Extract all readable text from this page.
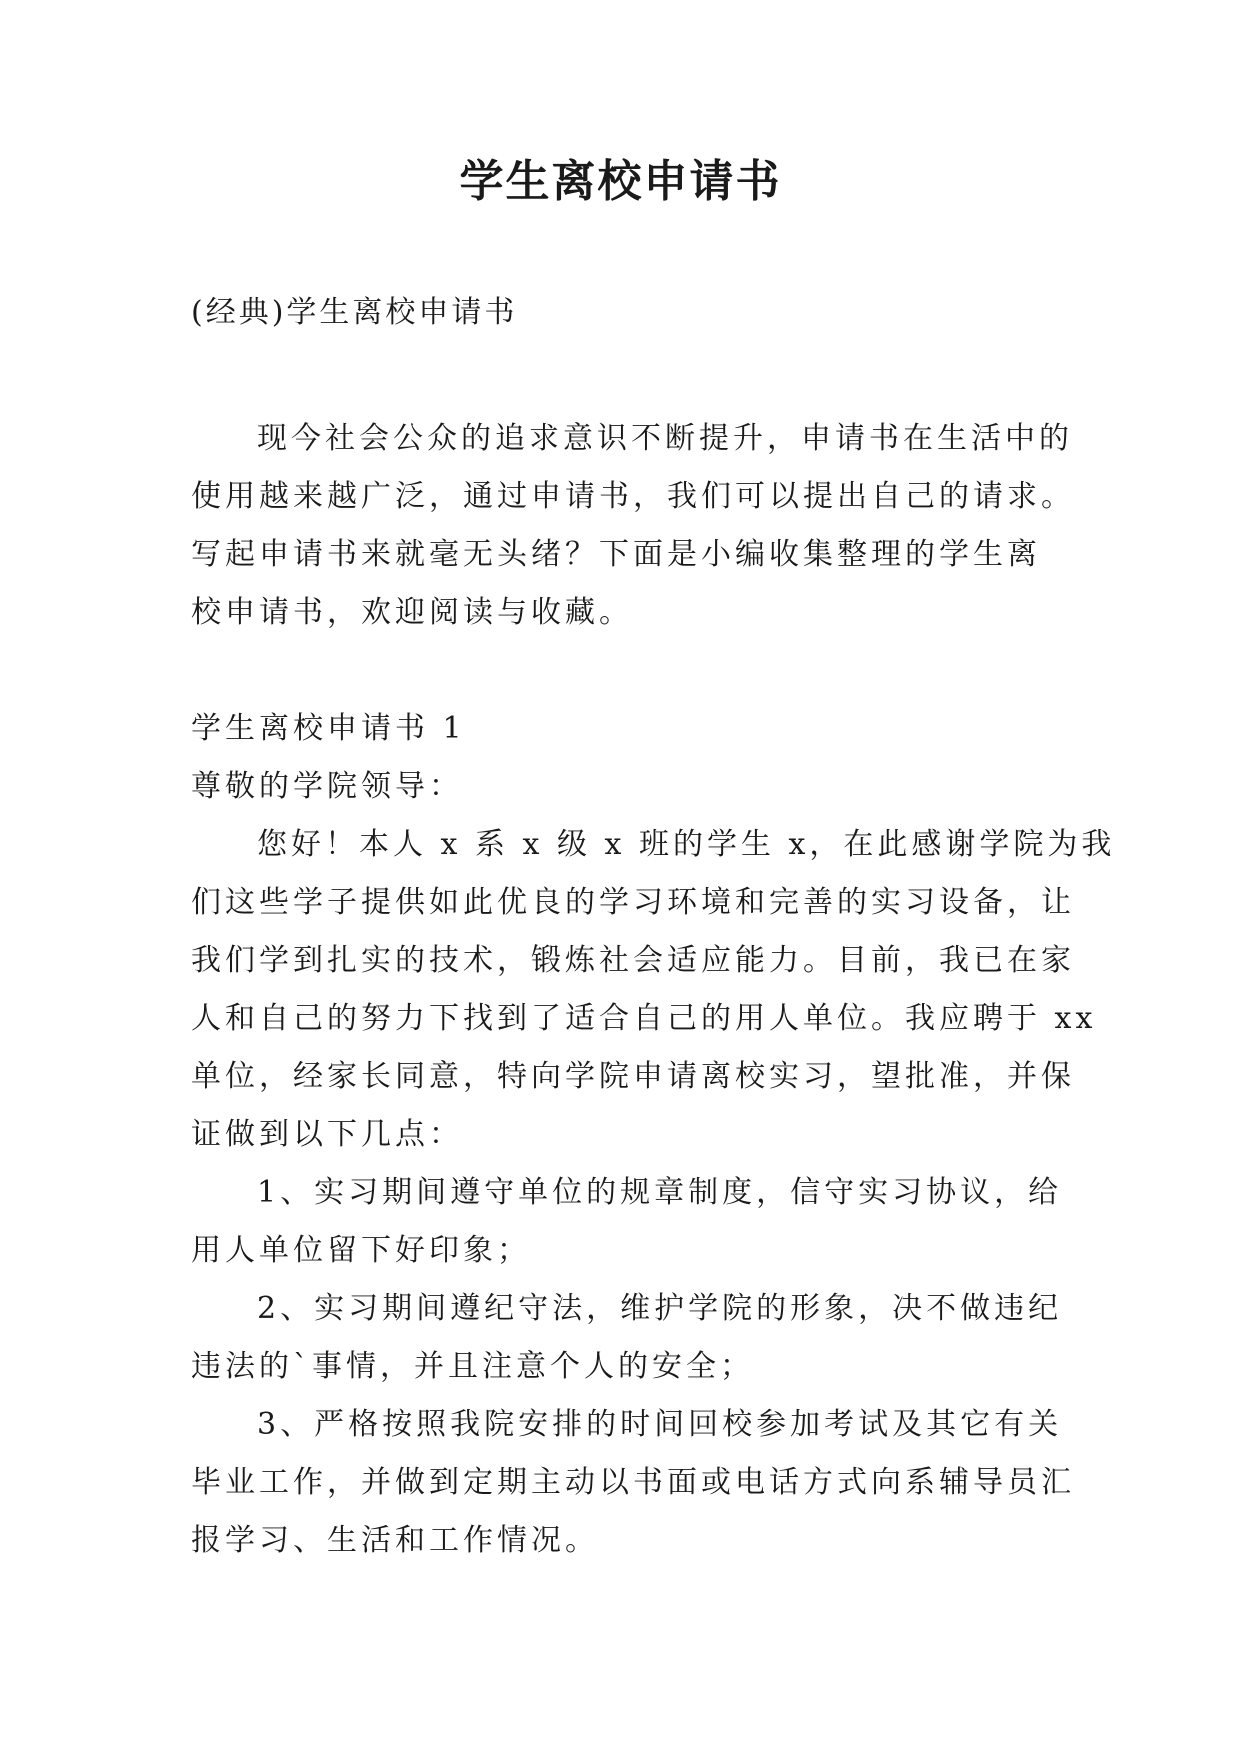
学生离校申请书

(经典)学生离校申请书

现今社会公众的追求意识不断提升，申请书在生活中的
使用越来越广泛，通过申请书，我们可以提出自己的请求。
写起申请书来就毫无头绪？下面是小编收集整理的学生离
校申请书，欢迎阅读与收藏。
学生离校申请书 1
尊敬的学院领导：
您好！本人 x 系 x 级 x 班的学生 x，在此感谢学院为我
们这些学子提供如此优良的学习环境和完善的实习设备，让
我们学到扎实的技术，锻炼社会适应能力。目前，我已在家
人和自己的努力下找到了适合自己的用人单位。我应聘于 xx
单位，经家长同意，特向学院申请离校实习，望批准，并保
证做到以下几点：
1、实习期间遵守单位的规章制度，信守实习协议，给
用人单位留下好印象；
2、实习期间遵纪守法，维护学院的形象，决不做违纪
违法的`事情，并且注意个人的安全；
3、严格按照我院安排的时间回校参加考试及其它有关
毕业工作，并做到定期主动以书面或电话方式向系辅导员汇
报学习、生活和工作情况。
